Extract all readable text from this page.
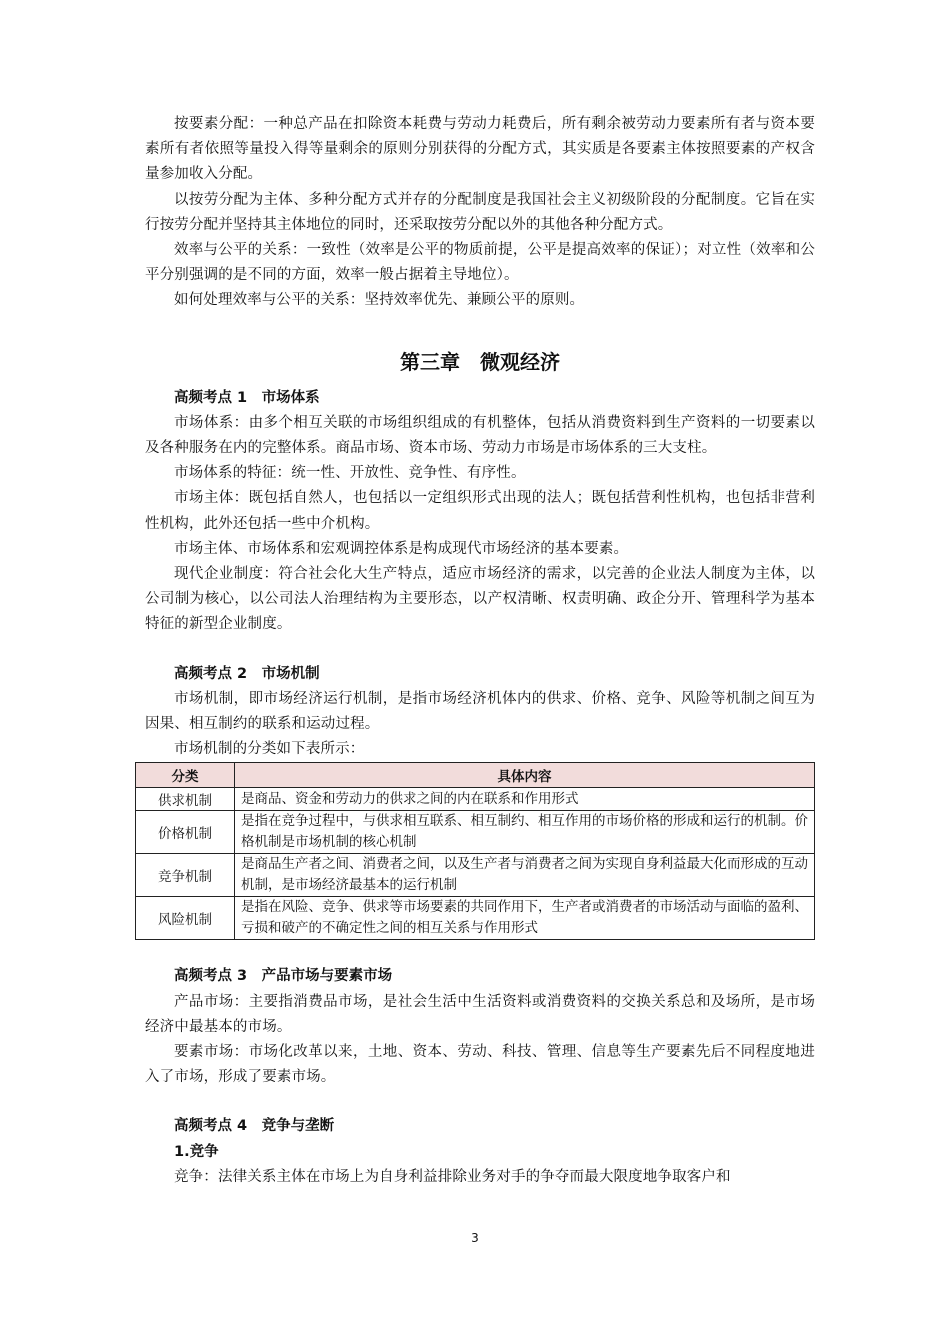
按要素分配：一种总产品在扣除资本耗费与劳动力耗费后，所有剩余被劳动力要素所有者与资本要素所有者依照等量投入得等量剩余的原则分别获得的分配方式，其实质是各要素主体按照要素的产权含量参加收入分配。

以按劳分配为主体、多种分配方式并存的分配制度是我国社会主义初级阶段的分配制度。它旨在实行按劳分配并坚持其主体地位的同时，还采取按劳分配以外的其他各种分配方式。

效率与公平的关系：一致性（效率是公平的物质前提，公平是提高效率的保证）；对立性（效率和公平分别强调的是不同的方面，效率一般占据着主导地位）。

如何处理效率与公平的关系：坚持效率优先、兼顾公平的原则。

第三章　微观经济
高频考点 1　市场体系

市场体系：由多个相互关联的市场组织组成的有机整体，包括从消费资料到生产资料的一切要素以及各种服务在内的完整体系。商品市场、资本市场、劳动力市场是市场体系的三大支柱。

市场体系的特征：统一性、开放性、竞争性、有序性。

市场主体：既包括自然人，也包括以一定组织形式出现的法人；既包括营利性机构，也包括非营利性机构，此外还包括一些中介机构。

市场主体、市场体系和宏观调控体系是构成现代市场经济的基本要素。

现代企业制度：符合社会化大生产特点，适应市场经济的需求，以完善的企业法人制度为主体，以公司制为核心，以公司法人治理结构为主要形态，以产权清晰、权责明确、政企分开、管理科学为基本特征的新型企业制度。

高频考点 2　市场机制

市场机制，即市场经济运行机制，是指市场经济机体内的供求、价格、竞争、风险等机制之间互为因果、相互制约的联系和运动过程。

市场机制的分类如下表所示：

分类	具体内容
供求机制	是商品、资金和劳动力的供求之间的内在联系和作用形式
价格机制	是指在竞争过程中，与供求相互联系、相互制约、相互作用的市场价格的形成和运行的机制。价格机制是市场机制的核心机制
竞争机制	是商品生产者之间、消费者之间，以及生产者与消费者之间为实现自身利益最大化而形成的互动机制，是市场经济最基本的运行机制
风险机制	是指在风险、竞争、供求等市场要素的共同作用下，生产者或消费者的市场活动与面临的盈利、亏损和破产的不确定性之间的相互关系与作用形式
高频考点 3　产品市场与要素市场

产品市场：主要指消费品市场，是社会生活中生活资料或消费资料的交换关系总和及场所，是市场经济中最基本的市场。

要素市场：市场化改革以来，土地、资本、劳动、科技、管理、信息等生产要素先后不同程度地进入了市场，形成了要素市场。

高频考点 4　竞争与垄断
1.竞争

竞争：法律关系主体在市场上为自身利益排除业务对手的争夺而最大限度地争取客户和

3
